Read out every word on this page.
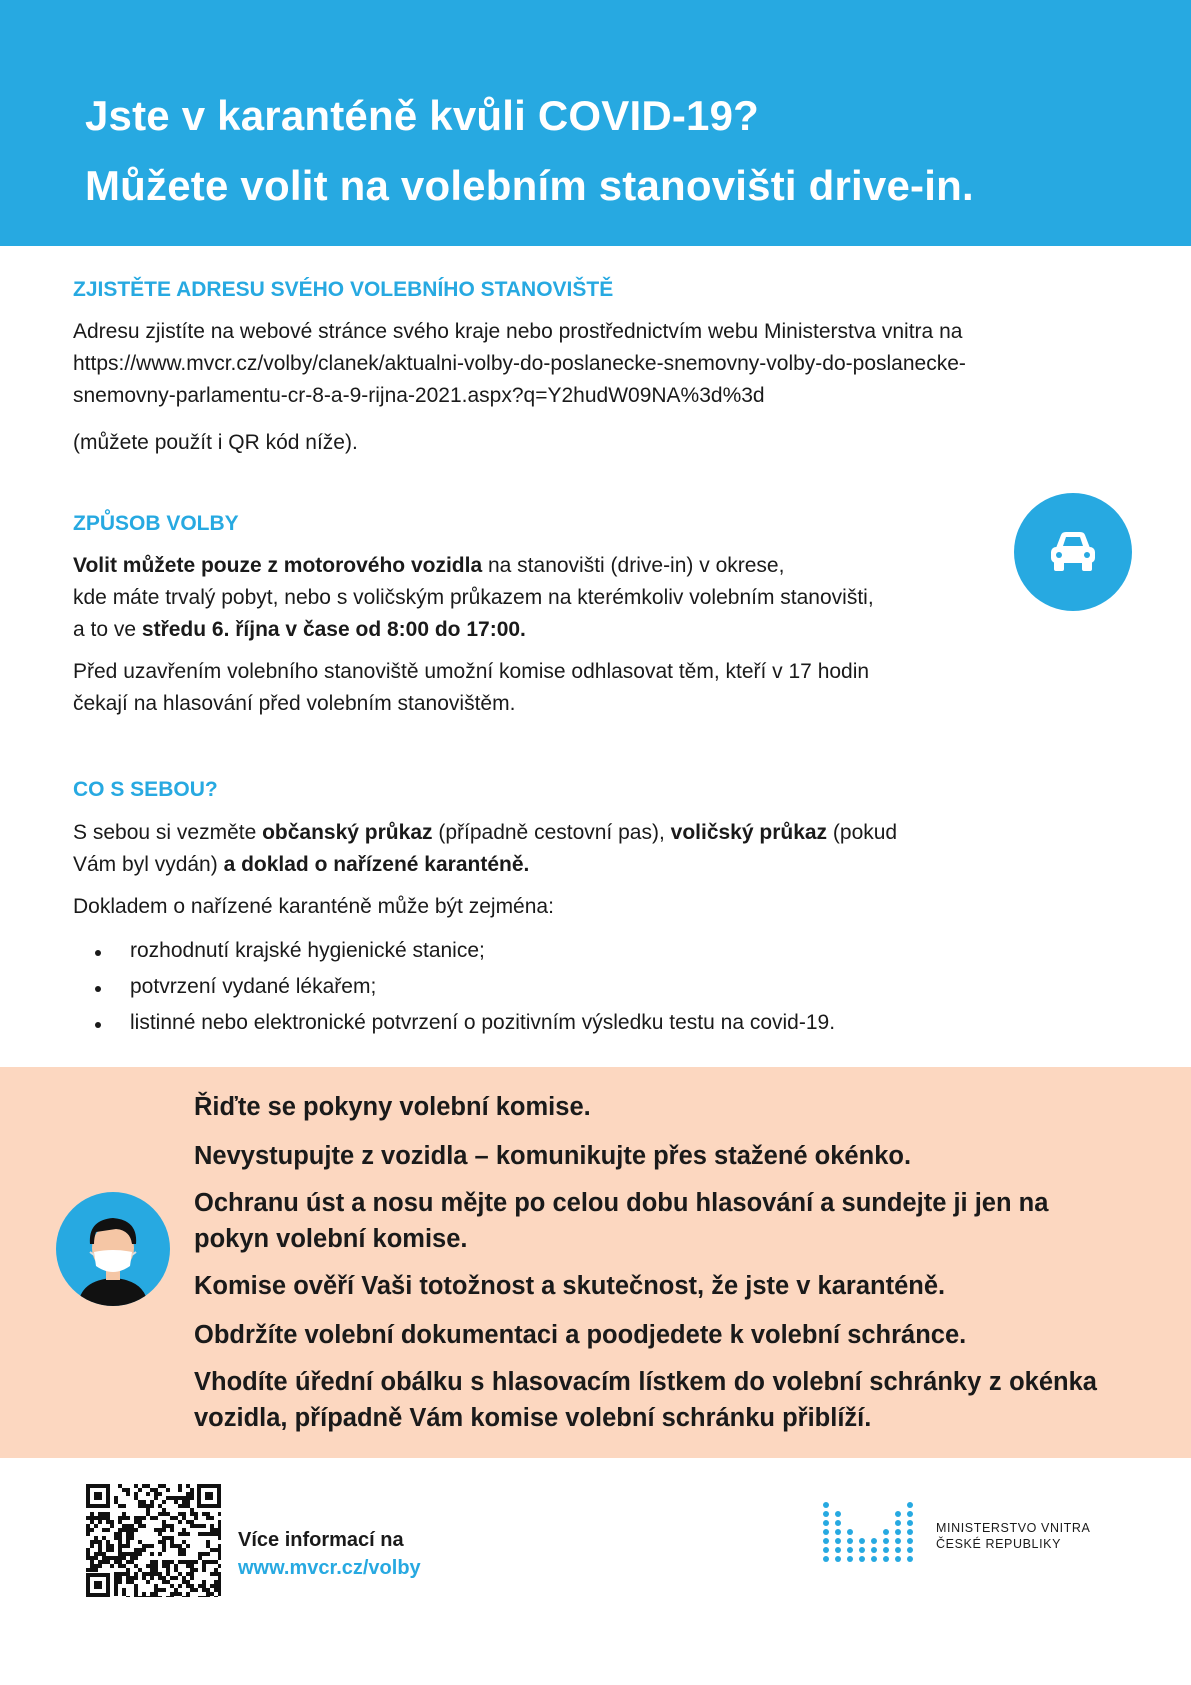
Jste v karanténě kvůli COVID-19?
Můžete volit na volebním stanovišti drive-in.
ZJISTĚTE ADRESU SVÉHO VOLEBNÍHO STANOVIŠTĚ
Adresu zjistíte na webové stránce svého kraje nebo prostřednictvím webu Ministerstva vnitra na
https://www.mvcr.cz/volby/clanek/aktualni-volby-do-poslanecke-snemovny-volby-do-poslanecke-
snemovny-parlamentu-cr-8-a-9-rijna-2021.aspx?q=Y2hudW09NA%3d%3d
(můžete použít i QR kód níže).
ZPŮSOB VOLBY
Volit můžete pouze z motorového vozidla na stanovišti (drive-in) v okrese,
kde máte trvalý pobyt, nebo s voličským průkazem na kterémkoliv volebním stanovišti,
a to ve středu 6. října v čase od 8:00 do 17:00.
Před uzavřením volebního stanoviště umožní komise odhlasovat těm, kteří v 17 hodin
čekají na hlasování před volebním stanovištěm.
CO S SEBOU?
S sebou si vezměte občanský průkaz (případně cestovní pas), voličský průkaz (pokud
Vám byl vydán) a doklad o nařízené karanténě.
Dokladem o nařízené karanténě může být zejména:
rozhodnutí krajské hygienické stanice;
potvrzení vydané lékařem;
listinné nebo elektronické potvrzení o pozitivním výsledku testu na covid-19.
Řiďte se pokyny volební komise.
Nevystupujte z vozidla – komunikujte přes stažené okénko.
Ochranu úst a nosu mějte po celou dobu hlasování a sundejte ji jen na pokyn volební komise.
Komise ověří Vaši totožnost a skutečnost, že jste v karanténě.
Obdržíte volební dokumentaci a poodjedete k volební schránce.
Vhodíte úřední obálku s hlasovacím lístkem do volební schránky z okénka vozidla, případně Vám komise volební schránku přiblíží.
Více informací na
www.mvcr.cz/volby
MINISTERSTVO VNITRA
ČESKÉ REPUBLIKY
